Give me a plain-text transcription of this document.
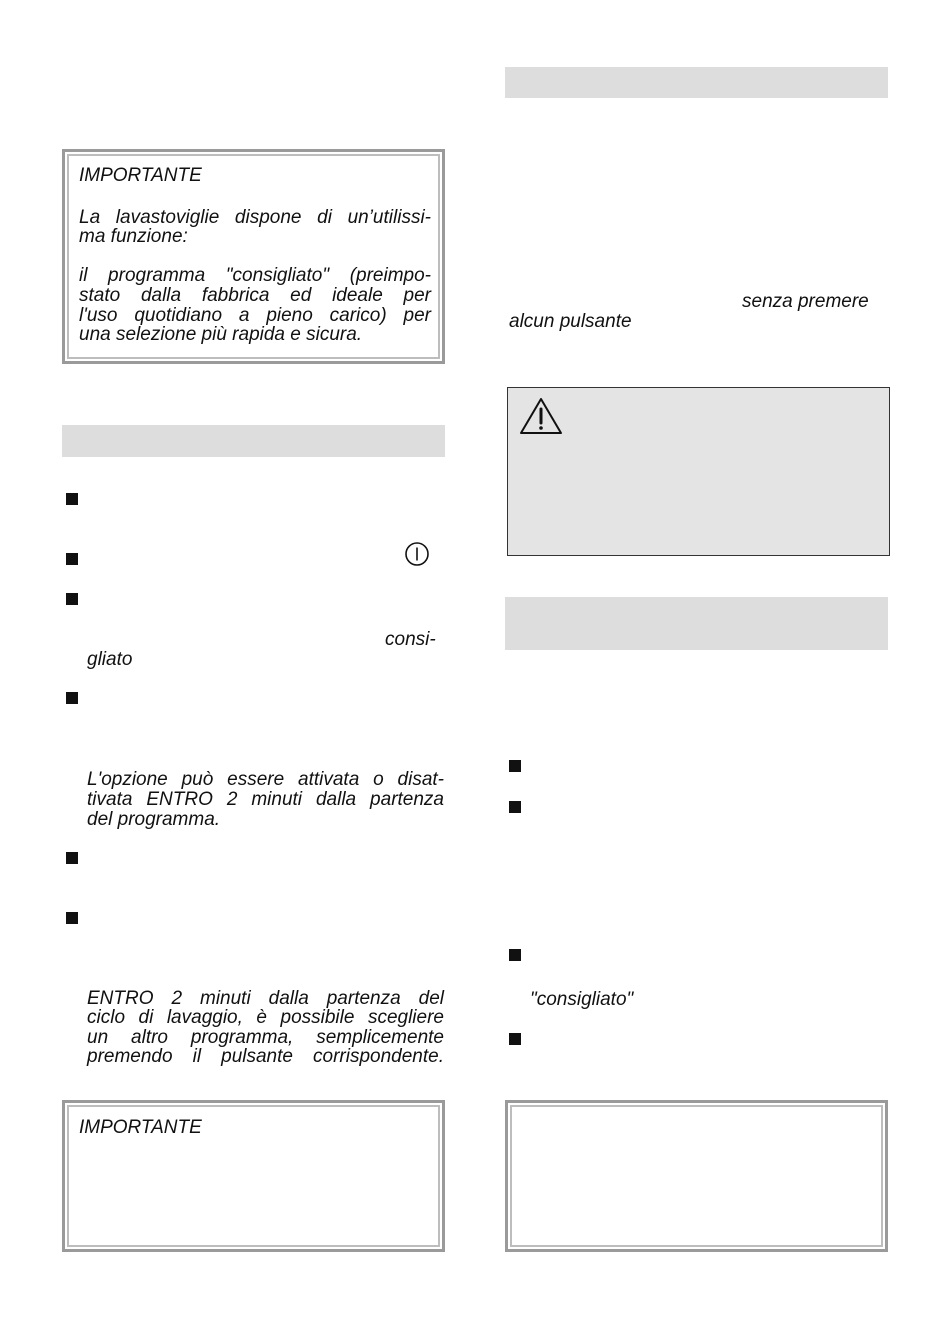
IMPORTANTE
La lavastoviglie dispone di un’utilissi-
ma funzione:
il programma "consigliato" (preimpo-
stato dalla fabbrica ed ideale per
l'uso quotidiano a pieno carico) per
una selezione più rapida e sicura.
consi-
gliato
L'opzione può essere attivata o disat-
tivata ENTRO 2 minuti dalla partenza
del programma.
ENTRO 2 minuti dalla partenza del
ciclo di lavaggio, è possibile scegliere
un altro programma, semplicemente
premendo il pulsante corrispondente.
IMPORTANTE
senza premere
alcun pulsante
"consigliato"
